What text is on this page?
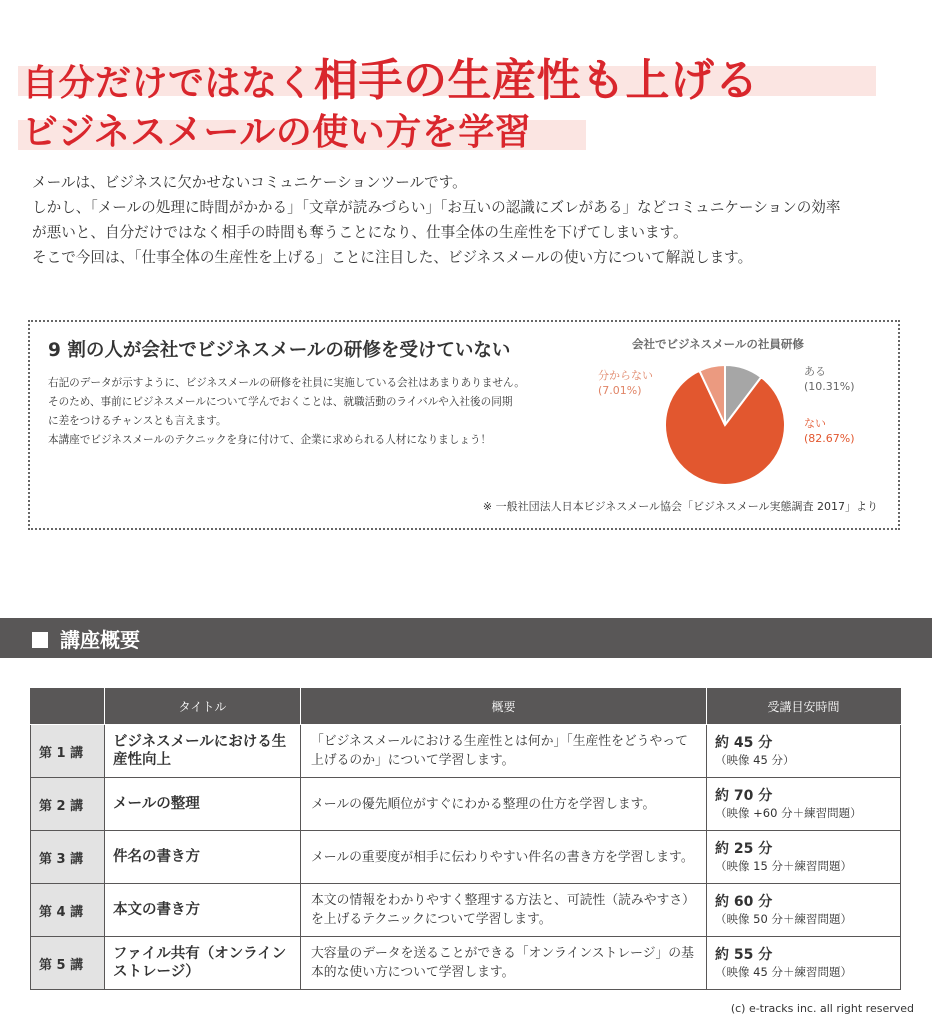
自分だけではなく相手の生産性も上げる
ビジネスメールの使い方を学習

メールは、ビジネスに欠かせないコミュニケーションツールです。

しかし、「メールの処理に時間がかかる」「文章が読みづらい」「お互いの認識にズレがある」などコミュニケーションの効率

が悪いと、自分だけではなく相手の時間も奪うことになり、仕事全体の生産性を下げてしまいます。

そこで今回は、「仕事全体の生産性を上げる」ことに注目した、ビジネスメールの使い方について解説します。

9 割の人が会社でビジネスメールの研修を受けていない

右記のデータが示すように、ビジネスメールの研修を社員に実施している会社はあまりありません。

そのため、事前にビジネスメールについて学んでおくことは、就職活動のライバルや入社後の同期

に差をつけるチャンスとも言えます。

本講座でビジネスメールのテクニックを身に付けて、企業に求められる人材になりましょう！

会社でビジネスメールの社員研修
ある
(10.31%)
ない
(82.67%)
分からない
(7.01%)
※ 一般社団法人日本ビジネスメール協会「ビジネスメール実態調査 2017」より
講座概要
	タイトル	概要	受講目安時間
第 1 講	ビジネスメールにおける生産性向上	「ビジネスメールにおける生産性とは何か」「生産性をどうやって上げるのか」について学習します。	約 45 分
（映像 45 分）

第 2 講	メールの整理	メールの優先順位がすぐにわかる整理の仕方を学習します。	約 70 分
（映像 +60 分＋練習問題）

第 3 講	件名の書き方	メールの重要度が相手に伝わりやすい件名の書き方を学習します。	約 25 分
（映像 15 分＋練習問題）

第 4 講	本文の書き方	本文の情報をわかりやすく整理する方法と、可読性（読みやすさ）を上げるテクニックについて学習します。	約 60 分
（映像 50 分＋練習問題）

第 5 講	ファイル共有（オンラインストレージ）	大容量のデータを送ることができる「オンラインストレージ」の基本的な使い方について学習します。	約 55 分
（映像 45 分＋練習問題）
(c) e-tracks inc. all right reserved
